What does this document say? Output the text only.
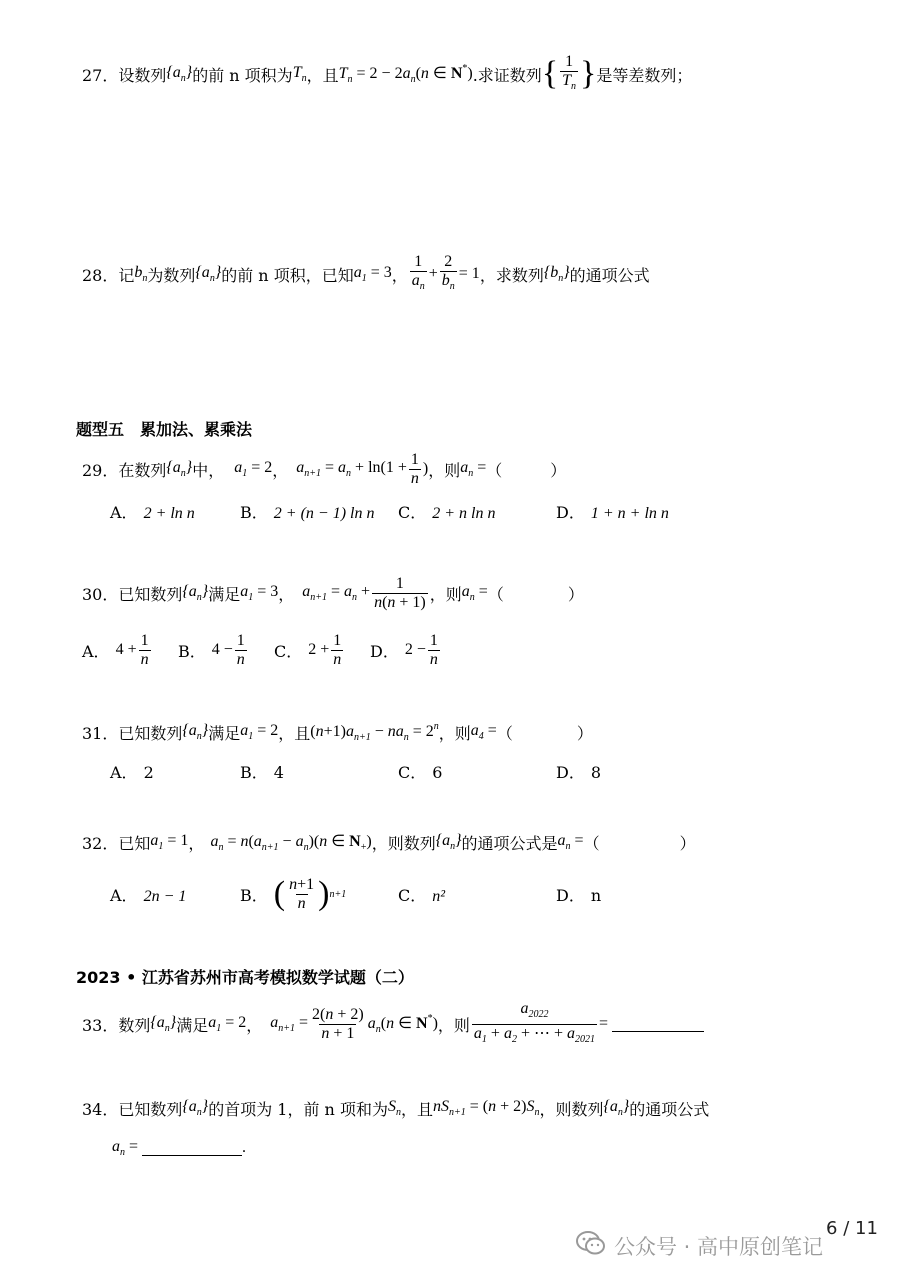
27． 设数列 $\{a_n\}$ 的前 n 项积为 $T_n$ ，且 $T_n = 2 - 2a_n(n$ ∈ N*) .求证数列 { $\frac{1}{T_n}$ } 是等差数列；
28． 记 $b_n$ 为数列 $\{a_n\}$ 的前 n 项积，已知 $a_1 = 3$ ， $\frac{1}{a_n} + \frac{2}{b_n} = 1$ ，求数列 $\{b_n\}$ 的通项公式
题型五　累加法、累乘法
29． 在数列 $\{a_n\}$ 中， $a_1 = 2$ ， $a_{n+1} = a_n + \ln(1 + \frac{1}{n}$ ) ，则 $a_n$ = （　　　）
A． 2 + ln n	B． 2 + (n − 1) ln n	C． 2 + n ln n	D． 1 + n + ln n
30． 已知数列 $\{a_n\}$ 满足 $a_1 = 3$ ， $a_{n+1} = a_n + \frac{1}{n(n + 1)}$ ，则 $a_n$ = （　　　　）
A． $4 + \frac{1}{n}$ B． $4 - \frac{1}{n}$ C． $2 + \frac{1}{n}$ D． $2 - \frac{1}{n}$
31． 已知数列 $\{a_n\}$ 满足 $a_1 = 2$ ，且 $(n+1)a_{n+1} - na_n = 2^n$ ，则 $a_4$ = （　　　　）
A． 2	B． 4	C． 6	D． 8
32． 已知 $a_1 = 1$ ， $a_n = n(a_{n+1} - a_n)(n$ ∈ $N_+$) ，则数列 $\{a_n\}$ 的通项公式是 $a_n$ = （　　　　　）
A． 2n − 1	B． ( $\frac{n+1}{n}$ ) n+1	C． n²	D． n
2023 • 江苏省苏州市高考模拟数学试题（二）
33． 数列 $\{a_n\}$ 满足 $a_1 = 2$ ， $a_{n+1} = \frac{2(n + 2)}{n + 1} a_n(n$ ∈ N*) ，则 $\frac{a_{2022}}{a_1 + a_2 + \cdots + a_{2021}}$ =
34． 已知数列 $\{a_n\}$ 的首项为 1，前 n 项和为 $S_n$ ，且 $nS_{n+1} = (n + 2)S_n$ ，则数列 $\{a_n\}$ 的通项公式
$a_n$ =	.
6 / 11
公众号 · 高中原创笔记
